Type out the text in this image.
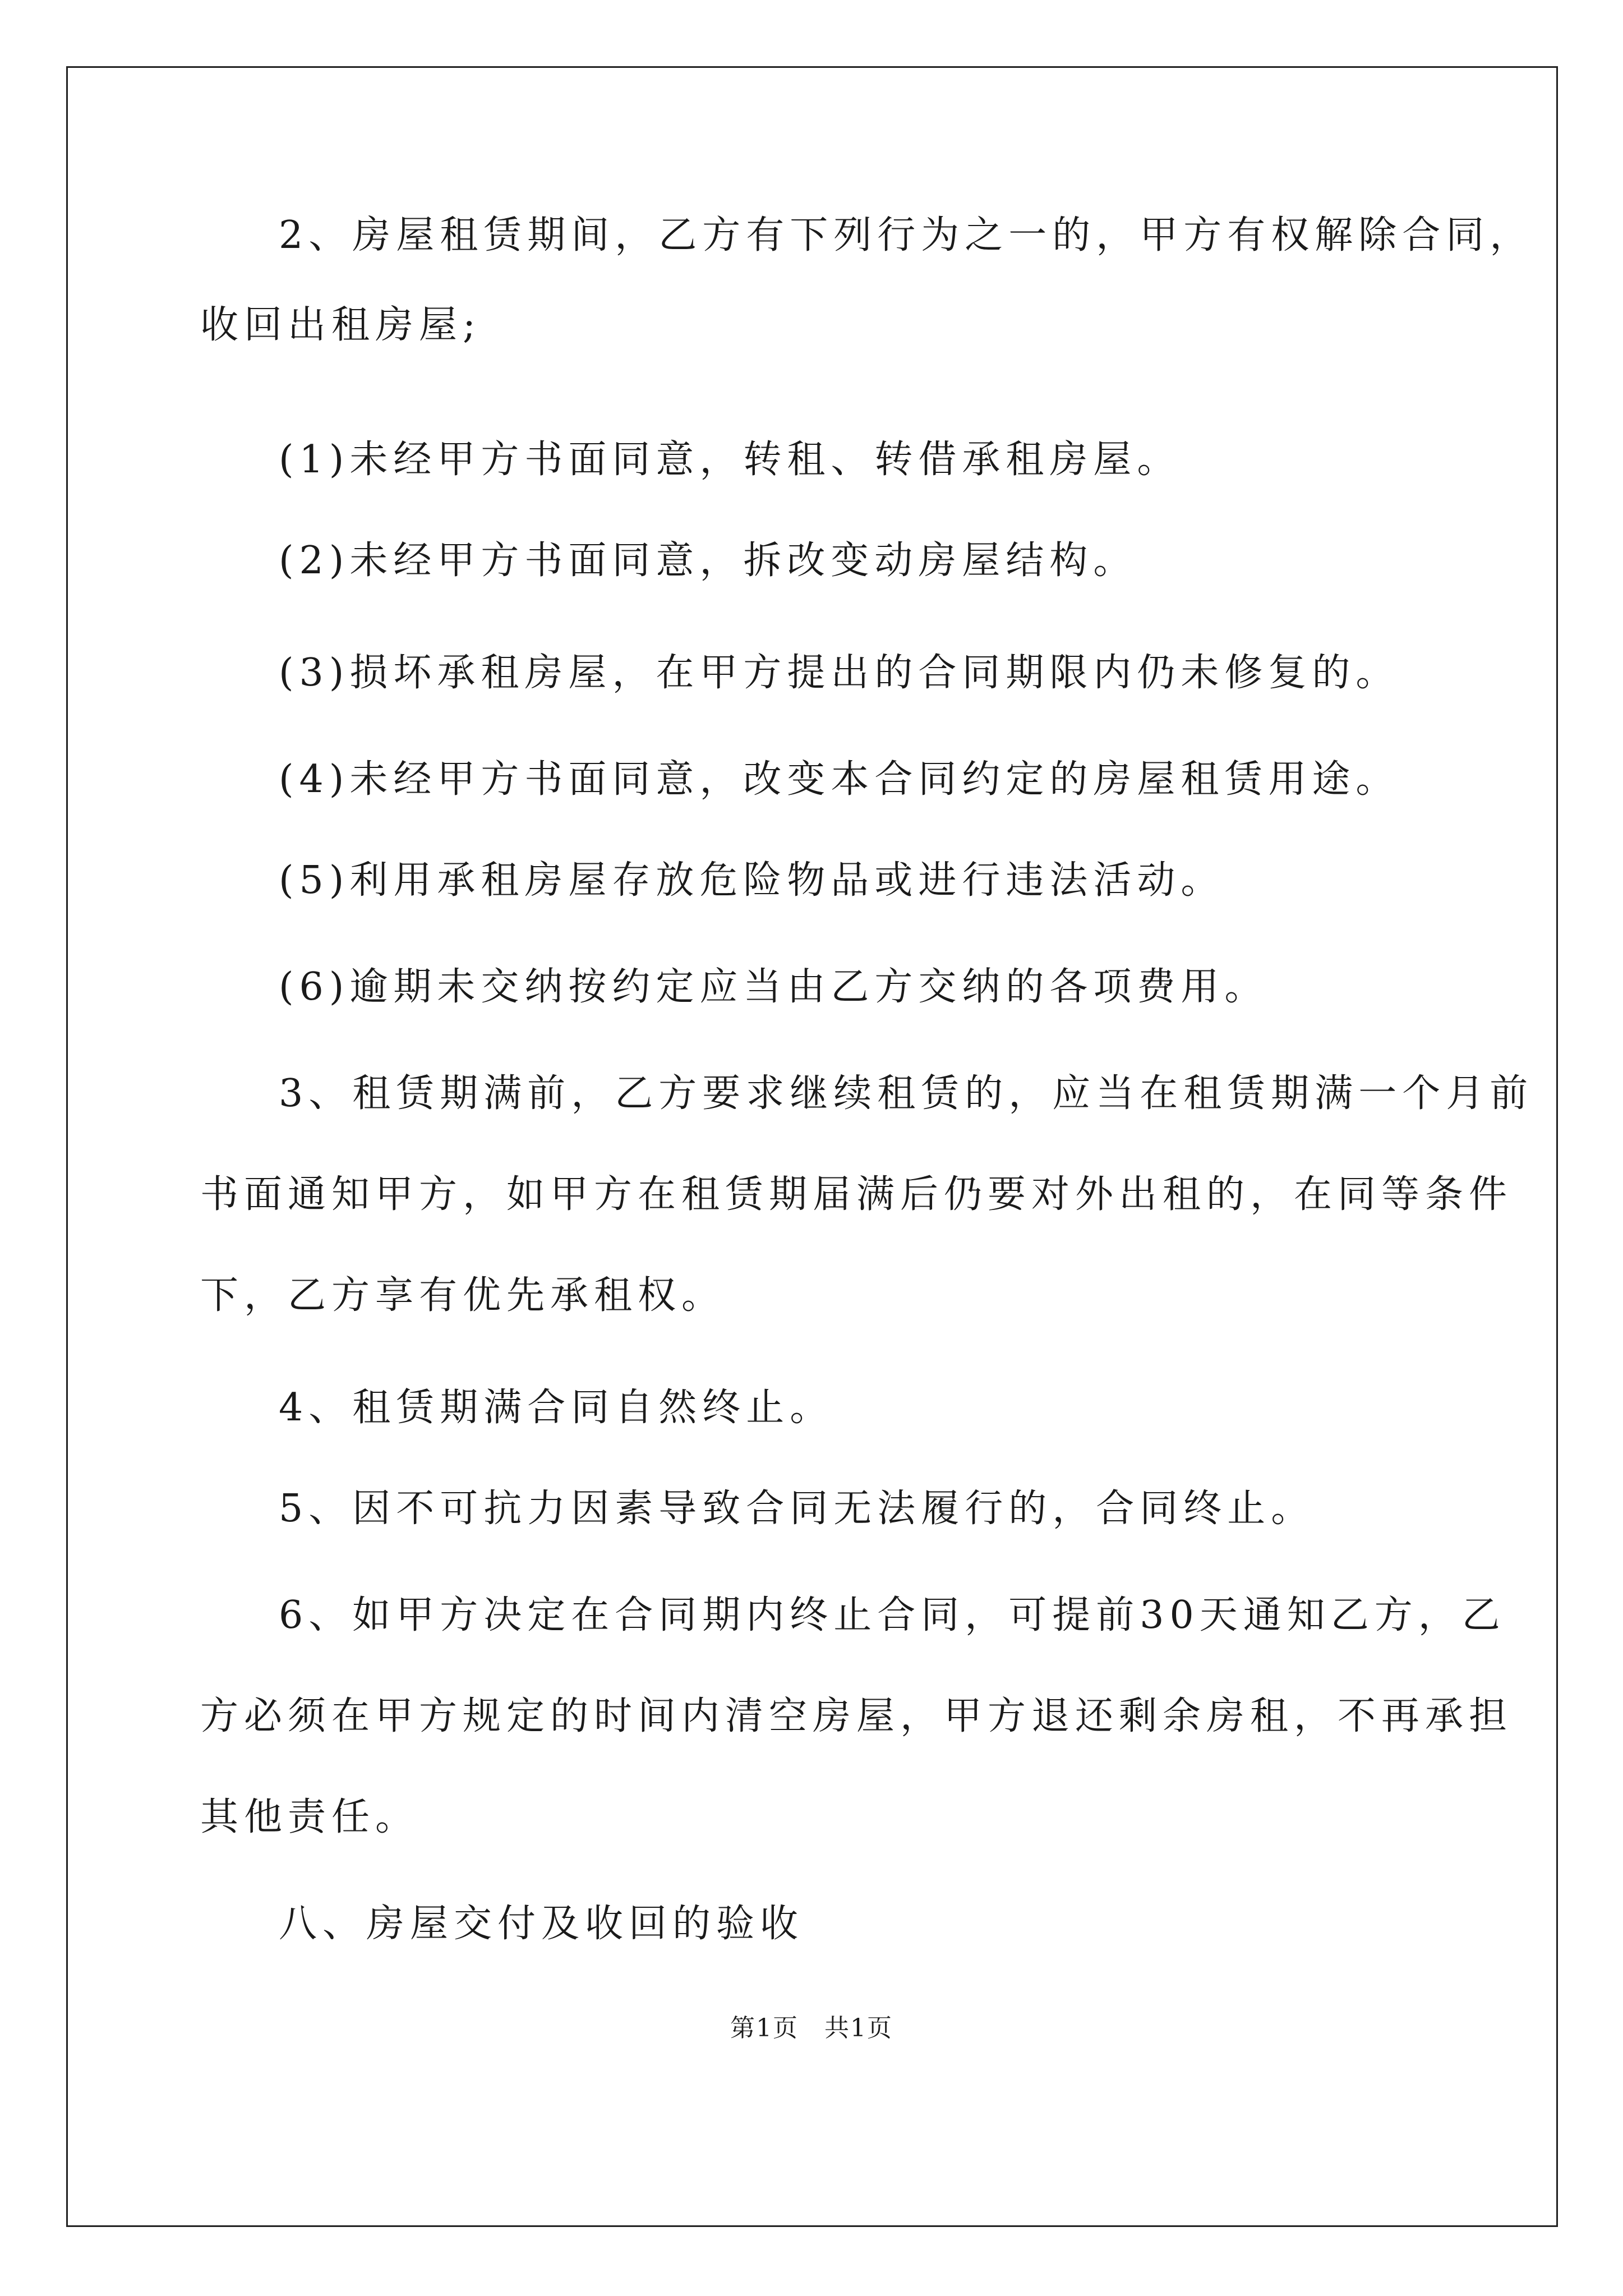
2、房屋租赁期间，乙方有下列行为之一的，甲方有权解除合同，
收回出租房屋;
(1)未经甲方书面同意，转租、转借承租房屋。
(2)未经甲方书面同意，拆改变动房屋结构。
(3)损坏承租房屋，在甲方提出的合同期限内仍未修复的。
(4)未经甲方书面同意，改变本合同约定的房屋租赁用途。
(5)利用承租房屋存放危险物品或进行违法活动。
(6)逾期未交纳按约定应当由乙方交纳的各项费用。
3、租赁期满前，乙方要求继续租赁的，应当在租赁期满一个月前
书面通知甲方，如甲方在租赁期届满后仍要对外出租的，在同等条件
下，乙方享有优先承租权。
4、租赁期满合同自然终止。
5、因不可抗力因素导致合同无法履行的，合同终止。
6、如甲方决定在合同期内终止合同，可提前30天通知乙方，乙
方必须在甲方规定的时间内清空房屋，甲方退还剩余房租，不再承担
其他责任。
八、房屋交付及收回的验收
第1页　共1页
